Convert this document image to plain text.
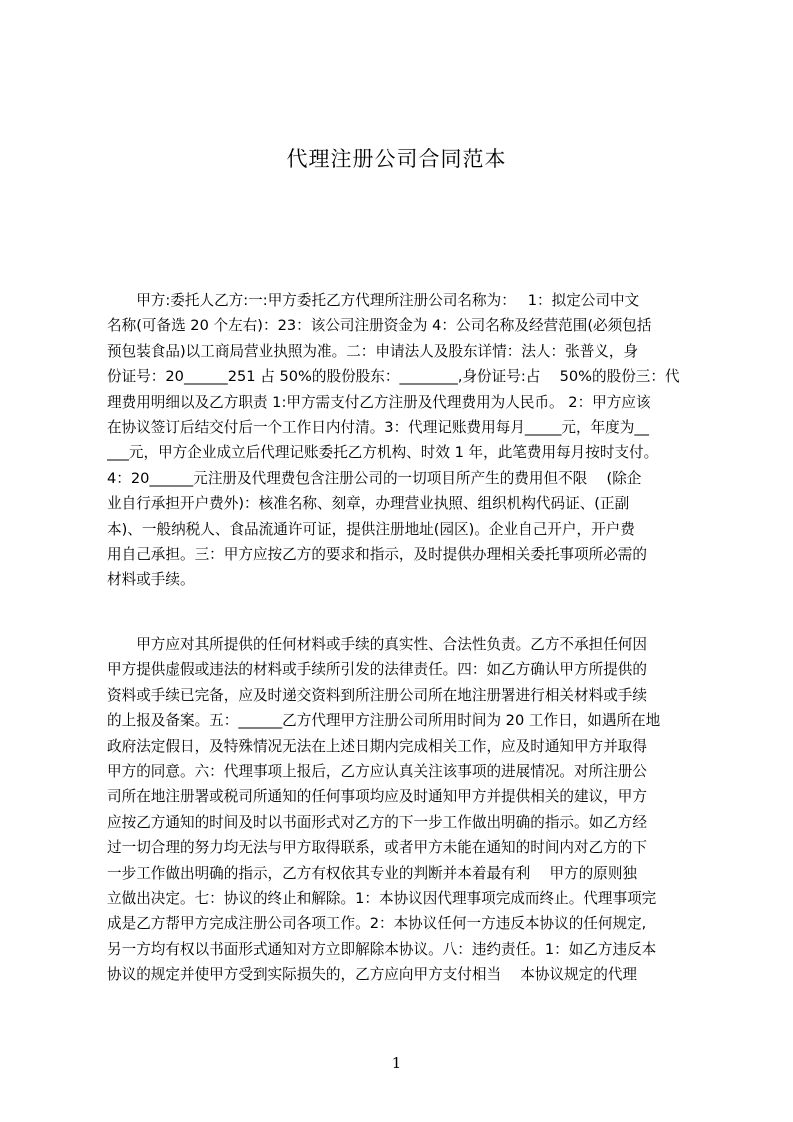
代理注册公司合同范本
　　甲方:委托人乙方:一:甲方委托乙方代理所注册公司名称为：　 1：拟定公司中文
名称(可备选 20 个左右)：23：该公司注册资金为 4：公司名称及经营范围(必须包括
预包装食品)以工商局营业执照为准。二：申请法人及股东详情：法人：张普义，身
份证号：20______251 占 50%的股份股东：________,身份证号:占　 50%的股份三：代
理费用明细以及乙方职责 1:甲方需支付乙方注册及代理费用为人民币。 2：甲方应该
在协议签订后结交付后一个工作日内付清。3：代理记账费用每月_____元，年度为__
___元，甲方企业成立后代理记账委托乙方机构、时效 1 年，此笔费用每月按时支付。
4：20______元注册及代理费包含注册公司的一切项目所产生的费用但不限　 (除企
业自行承担开户费外)：核准名称、刻章，办理营业执照、组织机构代码证、(正副
本)、一般纳税人、食品流通许可证，提供注册地址(园区)。企业自己开户，开户费
用自己承担。三：甲方应按乙方的要求和指示，及时提供办理相关委托事项所必需的
材料或手续。
　　甲方应对其所提供的任何材料或手续的真实性、合法性负责。乙方不承担任何因
甲方提供虚假或违法的材料或手续所引发的法律责任。四：如乙方确认甲方所提供的
资料或手续已完备，应及时递交资料到所注册公司所在地注册署进行相关材料或手续
的上报及备案。五：______乙方代理甲方注册公司所用时间为 20 工作日，如遇所在地
政府法定假日，及特殊情况无法在上述日期内完成相关工作，应及时通知甲方并取得
甲方的同意。六：代理事项上报后，乙方应认真关注该事项的进展情况。对所注册公
司所在地注册署或税司所通知的任何事项均应及时通知甲方并提供相关的建议，甲方
应按乙方通知的时间及时以书面形式对乙方的下一步工作做出明确的指示。如乙方经
过一切合理的努力均无法与甲方取得联系，或者甲方未能在通知的时间内对乙方的下
一步工作做出明确的指示，乙方有权依其专业的判断并本着最有利　 甲方的原则独
立做出决定。七：协议的终止和解除。1：本协议因代理事项完成而终止。代理事项完
成是乙方帮甲方完成注册公司各项工作。2：本协议任何一方违反本协议的任何规定,
另一方均有权以书面形式通知对方立即解除本协议。八：违约责任。1：如乙方违反本
协议的规定并使甲方受到实际损失的，乙方应向甲方支付相当　 本协议规定的代理
1
